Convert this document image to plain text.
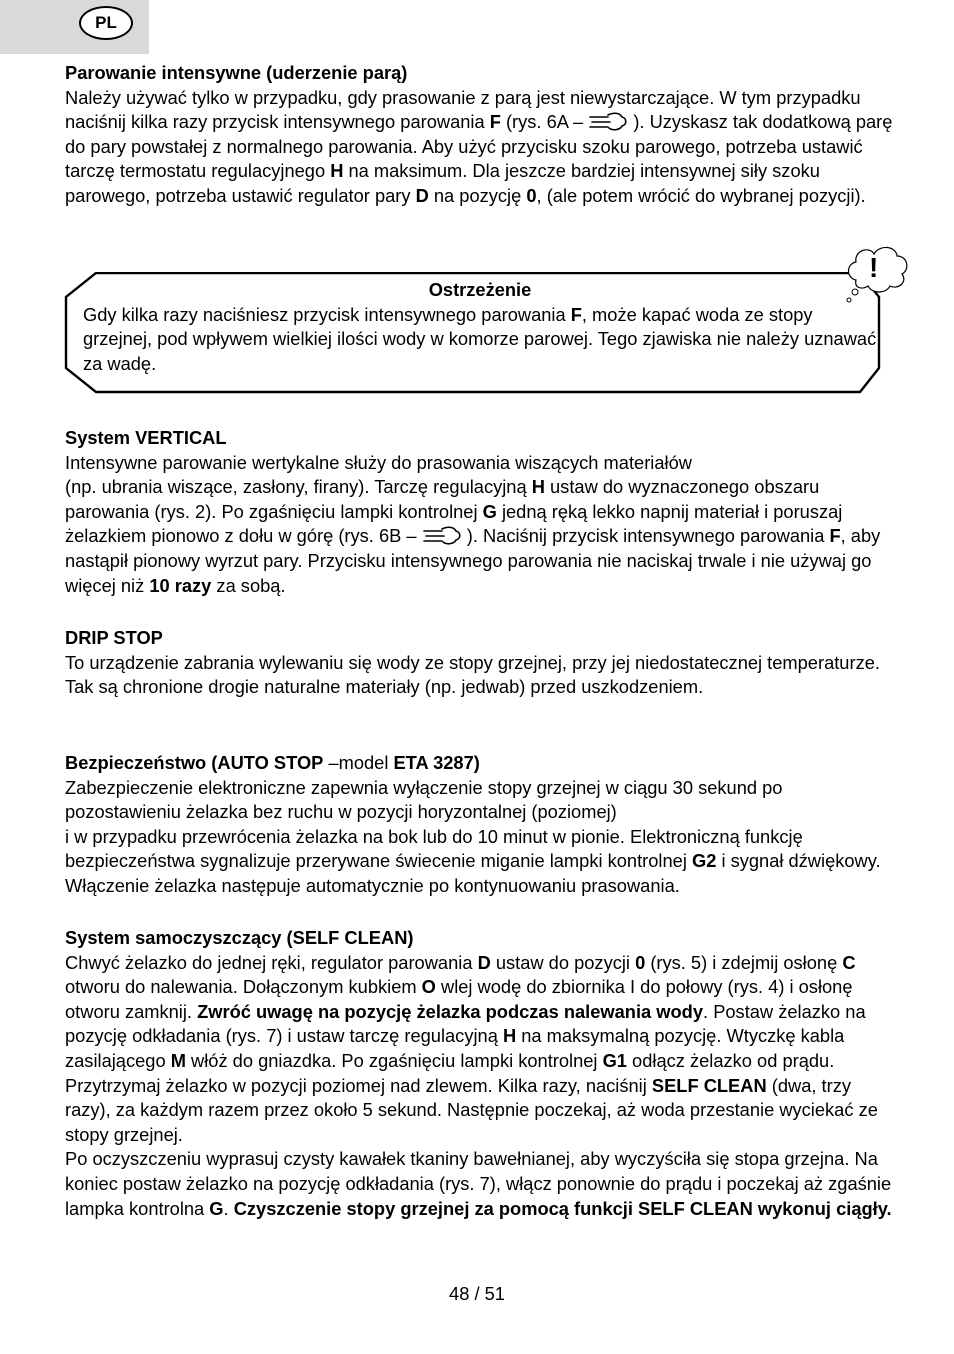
PL

Parowanie intensywne (uderzenie parą)

Należy używać tylko w przypadku, gdy prasowanie z parą jest niewystarczające. W tym przypadku naciśnij kilka razy przycisk intensywnego parowania F (rys. 6A –  ). Uzyskasz tak dodatkową parę do pary powstałej z normalnego parowania. Aby użyć przycisku szoku parowego, potrzeba ustawić tarczę termostatu regulacyjnego H na maksimum. Dla jeszcze bardziej intensywnej siły szoku parowego, potrzeba ustawić regulator pary D na pozycję 0, (ale potem wrócić do wybranej pozycji).

Ostrzeżenie

Gdy kilka razy naciśniesz przycisk intensywnego parowania F, może kapać woda ze stopy grzejnej, pod wpływem wielkiej ilości wody w komorze parowej. Tego zjawiska nie należy uznawać za wadę.

!

System VERTICAL

Intensywne parowanie wertykalne służy do prasowania wiszących materiałów

(np. ubrania wiszące, zasłony, firany). Tarczę regulacyjną H ustaw do wyznaczonego obszaru parowania (rys. 2). Po zgaśnięciu lampki kontrolnej G jedną ręką lekko napnij materiał i poruszaj żelazkiem pionowo z dołu w górę (rys. 6B –  ). Naciśnij przycisk intensywnego parowania F, aby nastąpił pionowy wyrzut pary. Przycisku intensywnego parowania nie naciskaj trwale i nie używaj go więcej niż 10 razy za sobą.

DRIP STOP

To urządzenie zabrania wylewaniu się wody ze stopy grzejnej, przy jej niedostatecznej temperaturze. Tak są chronione drogie naturalne materiały (np. jedwab) przed uszkodzeniem.

Bezpieczeństwo (AUTO STOP –model ETA 3287)

Zabezpieczenie elektroniczne zapewnia wyłączenie stopy grzejnej w ciągu 30 sekund po pozostawieniu żelazka bez ruchu w pozycji horyzontalnej (poziomej)

i w przypadku przewrócenia żelazka na bok lub do 10 minut w pionie. Elektroniczną funkcję bezpieczeństwa sygnalizuje przerywane świecenie miganie lampki kontrolnej G2 i sygnał dźwiękowy. Włączenie żelazka następuje automatycznie po kontynuowaniu prasowania.

System samoczyszczący (SELF CLEAN)

Chwyć żelazko do jednej ręki, regulator parowania D ustaw do pozycji 0 (rys. 5) i zdejmij osłonę C otworu do nalewania. Dołączonym kubkiem O wlej wodę do zbiornika I do połowy (rys. 4) i osłonę otworu zamknij. Zwróć uwagę na pozycję żelazka podczas nalewania wody. Postaw żelazko na pozycję odkładania (rys. 7) i ustaw tarczę regulacyjną H na maksymalną pozycję. Wtyczkę kabla zasilającego M włóż do gniazdka. Po zgaśnięciu lampki kontrolnej G1 odłącz żelazko od prądu. Przytrzymaj żelazko w pozycji poziomej nad zlewem. Kilka razy, naciśnij SELF CLEAN (dwa, trzy razy), za każdym razem przez około 5 sekund. Następnie poczekaj, aż woda przestanie wyciekać ze stopy grzejnej.

Po oczyszczeniu wyprasuj czysty kawałek tkaniny bawełnianej, aby wyczyściła się stopa grzejna. Na koniec postaw żelazko na pozycję odkładania (rys. 7), włącz ponownie do prądu i poczekaj aż zgaśnie lampka kontrolna G. Czyszczenie stopy grzejnej za pomocą funkcji SELF CLEAN wykonuj ciągły.

48 / 51
